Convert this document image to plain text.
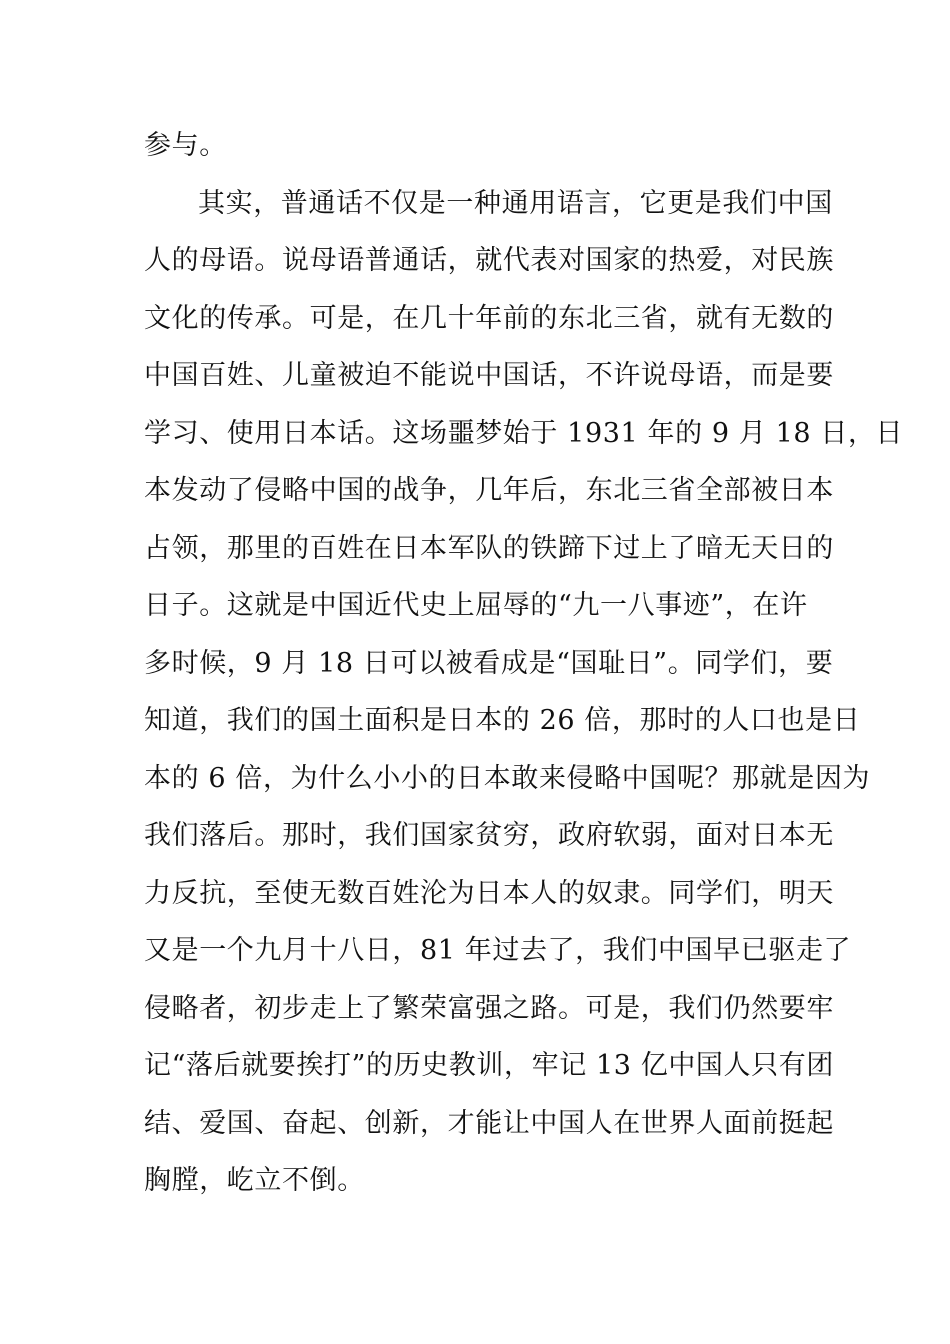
参与。
其实，普通话不仅是一种通用语言，它更是我们中国
人的母语。说母语普通话，就代表对国家的热爱，对民族
文化的传承。可是，在几十年前的东北三省，就有无数的
中国百姓、儿童被迫不能说中国话，不许说母语，而是要
学习、使用日本话。这场噩梦始于 1931 年的 9 月 18 日，日
本发动了侵略中国的战争，几年后，东北三省全部被日本
占领，那里的百姓在日本军队的铁蹄下过上了暗无天日的
日子。这就是中国近代史上屈辱的“九一八事迹”，在许
多时候，9 月 18 日可以被看成是“国耻日”。同学们，要
知道，我们的国土面积是日本的 26 倍，那时的人口也是日
本的 6 倍，为什么小小的日本敢来侵略中国呢？那就是因为
我们落后。那时，我们国家贫穷，政府软弱，面对日本无
力反抗，至使无数百姓沦为日本人的奴隶。同学们，明天
又是一个九月十八日，81 年过去了，我们中国早已驱走了
侵略者，初步走上了繁荣富强之路。可是，我们仍然要牢
记“落后就要挨打”的历史教训，牢记 13 亿中国人只有团
结、爱国、奋起、创新，才能让中国人在世界人面前挺起
胸膛，屹立不倒。
